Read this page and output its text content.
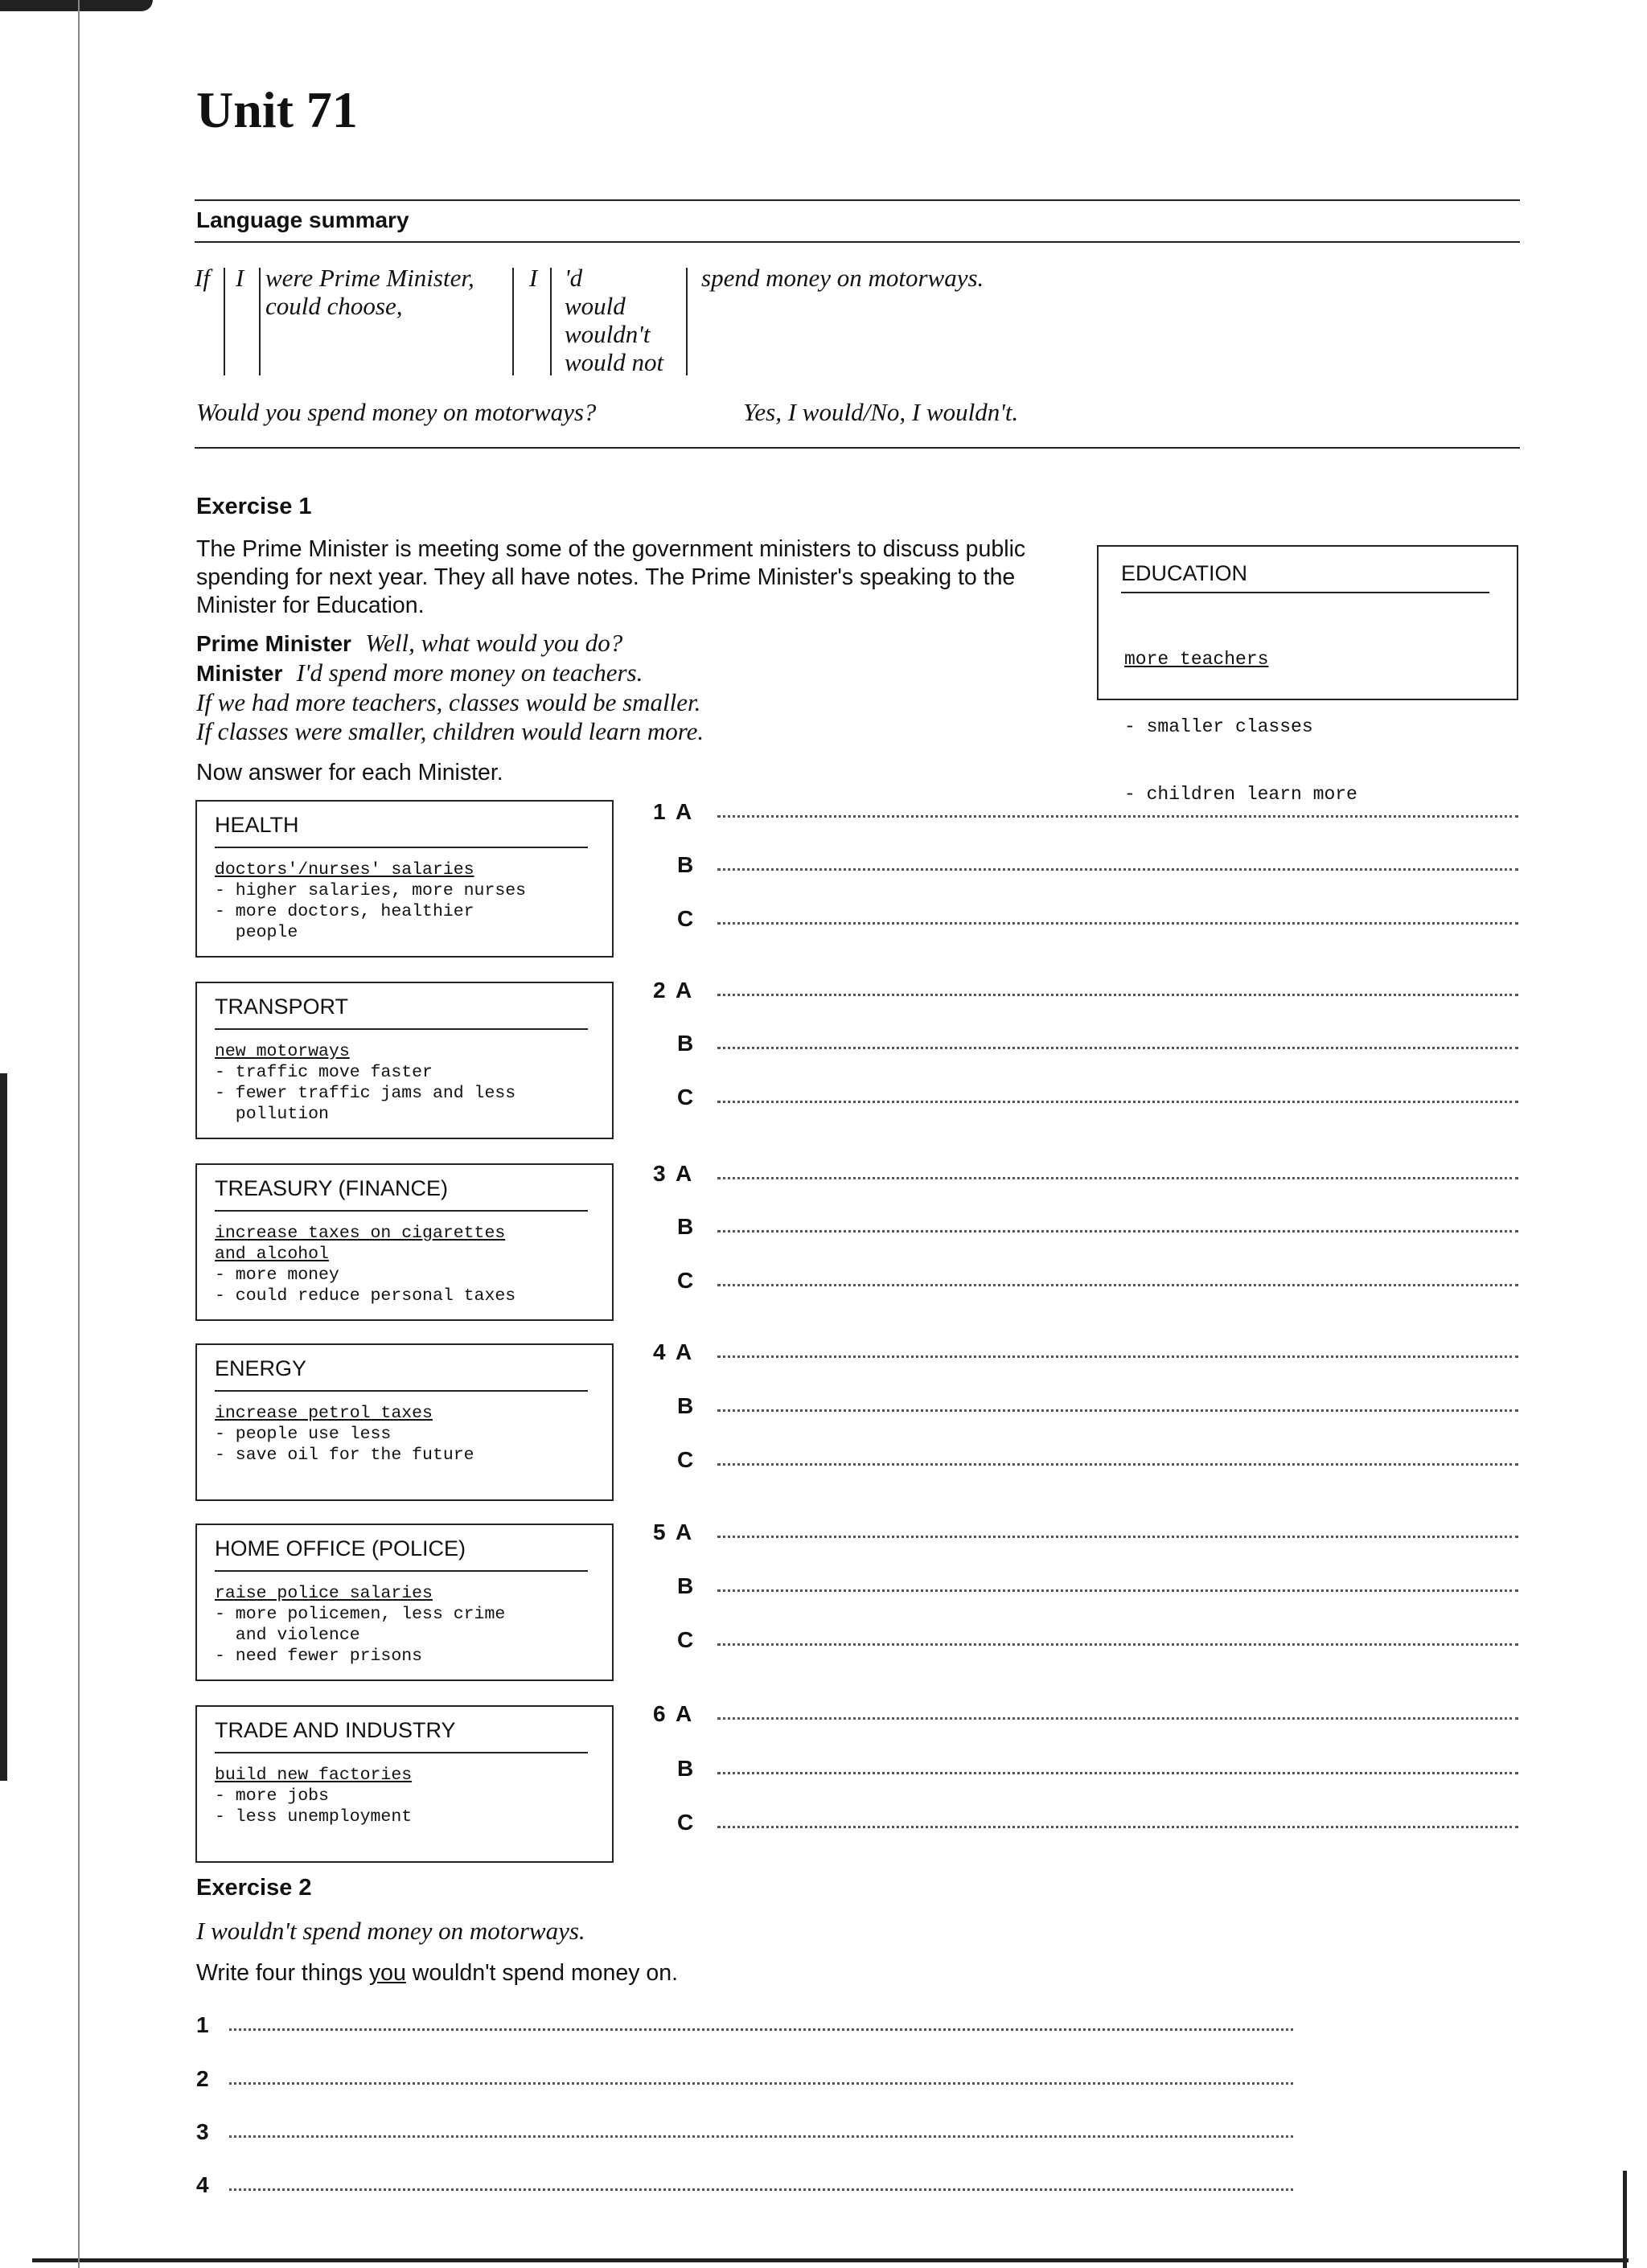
Unit 71
Language summary
If I were Prime Minister,
could choose,
I 'd
would
wouldn't
would not
spend money on motorways.
Would you spend money on motorways?	Yes, I would/No, I wouldn't.
Exercise 1
The Prime Minister is meeting some of the government ministers to discuss public
spending for next year. They all have notes. The Prime Minister's speaking to the
Minister for Education.
Prime Minister Well, what would you do?
Minister I'd spend more money on teachers.
If we had more teachers, classes would be smaller.
If classes were smaller, children would learn more.
Now answer for each Minister.
EDUCATION

more teachers

- smaller classes

- children learn more

HEALTH
doctors'/nurses' salaries
- higher salaries, more nurses
- more doctors, healthier
people
TRANSPORT
new motorways
- traffic move faster
- fewer traffic jams and less
pollution
TREASURY (FINANCE)
increase taxes on cigarettes
and alcohol
- more money
- could reduce personal taxes
ENERGY
increase petrol taxes
- people use less
- save oil for the future
HOME OFFICE (POLICE)
raise police salaries
- more policemen, less crime
and violence
- need fewer prisons
TRADE AND INDUSTRY
build new factories
- more jobs
- less unemployment
1 A
B
C
2 A
B
C
3 A
B
C
4 A
B
C
5 A
B
C
6 A
B
C
Exercise 2
I wouldn't spend money on motorways.
Write four things you wouldn't spend money on.
1
2
3
4
